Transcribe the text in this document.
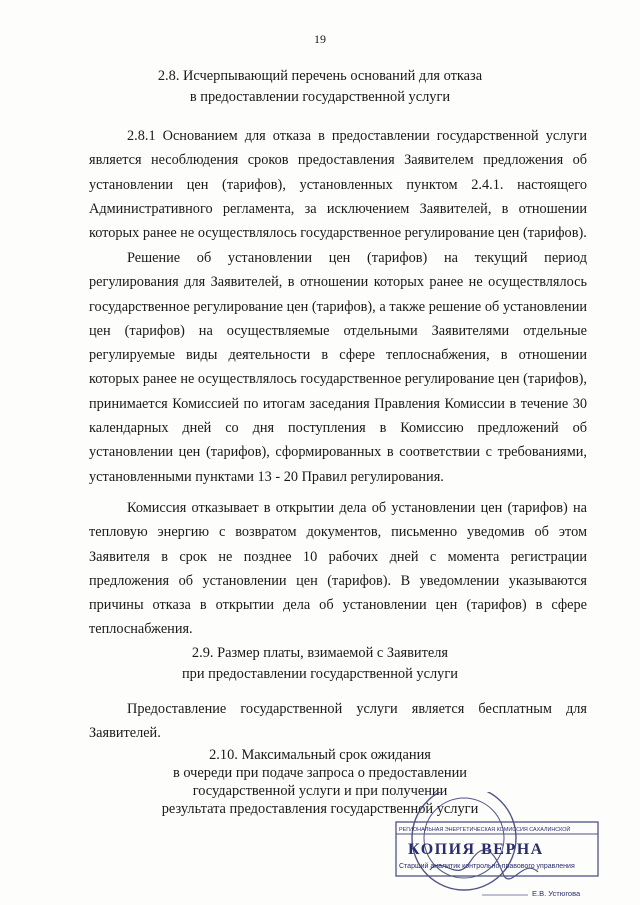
19
2.8. Исчерпывающий перечень оснований для отказа
в предоставлении государственной услуги

2.8.1 Основанием для отказа в предоставлении государственной услуги является несоблюдения сроков предоставления Заявителем предложения об установлении цен (тарифов), установленных пунктом 2.4.1. настоящего Административного регламента, за исключением Заявителей, в отношении которых ранее не осуществлялось государственное регулирование цен (тарифов).

Решение об установлении цен (тарифов) на текущий период регулирования для Заявителей, в отношении которых ранее не осуществлялось государственное регулирование цен (тарифов), а также решение об установлении цен (тарифов) на осуществляемые отдельными Заявителями отдельные регулируемые виды деятельности в сфере теплоснабжения, в отношении которых ранее не осуществлялось государственное регулирование цен (тарифов), принимается Комиссией по итогам заседания Правления Комиссии в течение 30 календарных дней со дня поступления в Комиссию предложений об установлении цен (тарифов), сформированных в соответствии с требованиями, установленными пунктами 13 - 20 Правил регулирования.

Комиссия отказывает в открытии дела об установлении цен (тарифов) на тепловую энергию с возвратом документов, письменно уведомив об этом Заявителя в срок не позднее 10 рабочих дней с момента регистрации предложения об установлении цен (тарифов). В уведомлении указываются причины отказа в открытии дела об установлении цен (тарифов) в сфере теплоснабжения.

2.9. Размер платы, взимаемой с Заявителя
при предоставлении государственной услуги

Предоставление государственной услуги является бесплатным для Заявителей.

2.10. Максимальный срок ожидания
в очереди при подаче запроса о предоставлении
государственной услуги и при получении
результата предоставления государственной услуги
РЕГИОНАЛЬНАЯ ЭНЕРГЕТИЧЕСКАЯ КОМИССИЯ САХАЛИНСКОЙ
КОПИЯ ВЕРНА
Старший аналитик контрольно-правового управления
Е.В. Устюгова
